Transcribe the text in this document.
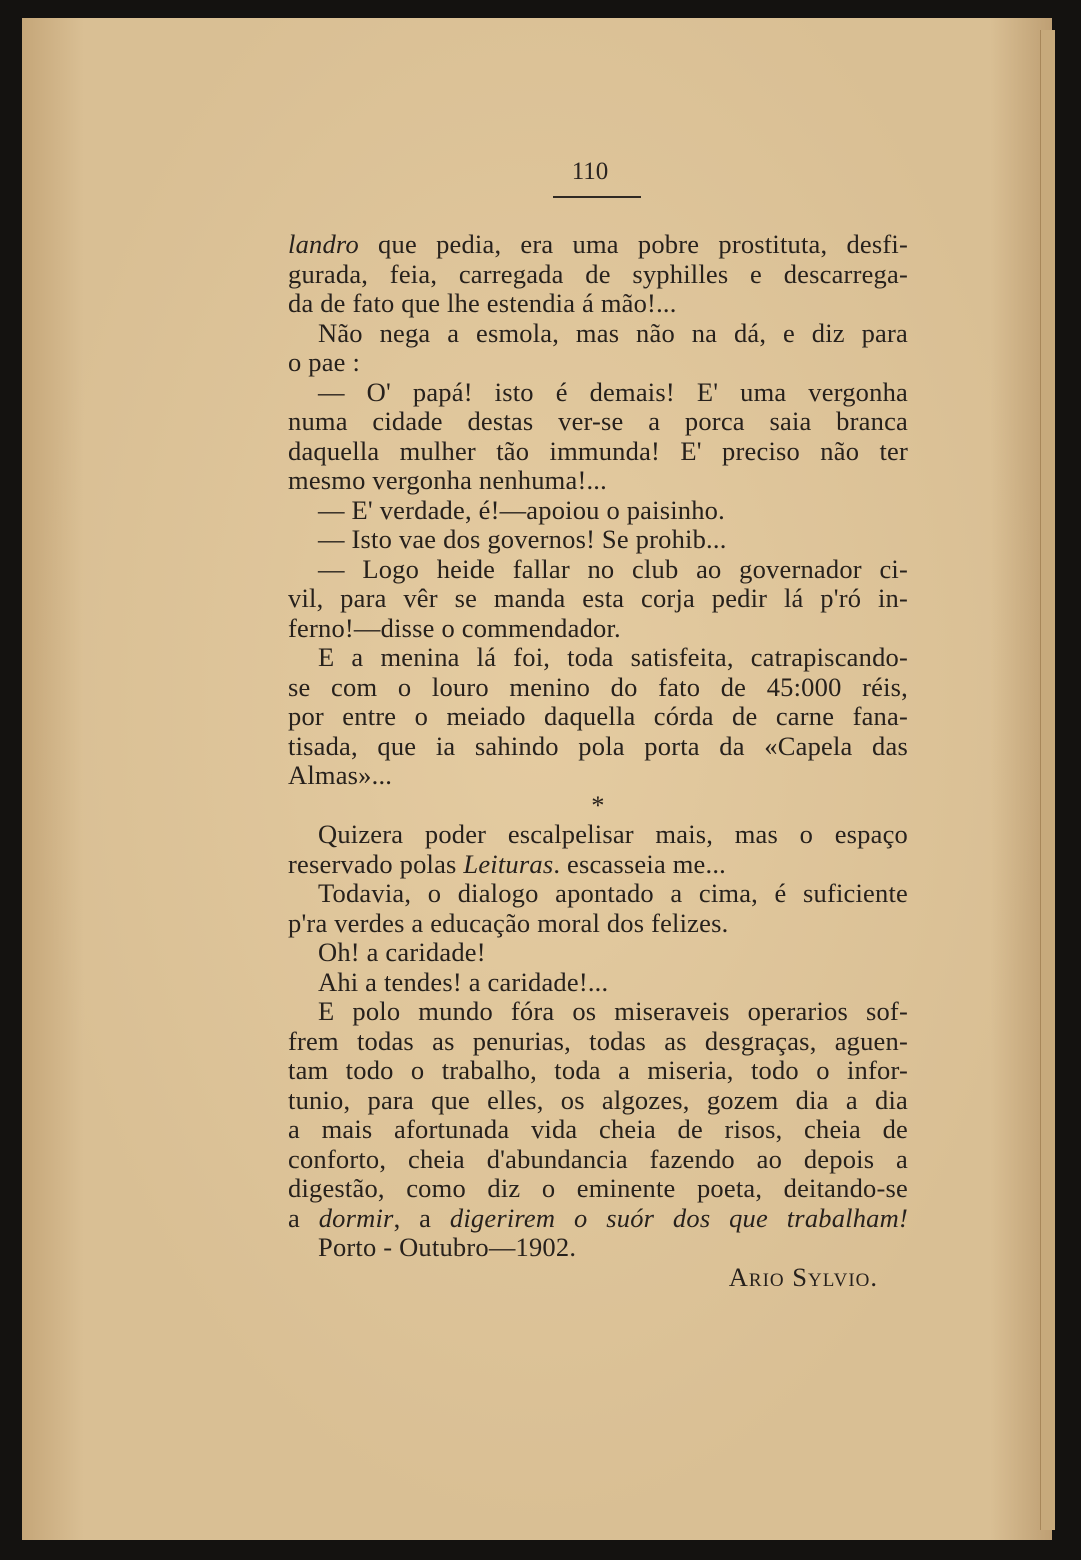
110
landro que pedia, era uma pobre prostituta, desfi-
gurada, feia, carregada de syphilles e descarrega-
da de fato que lhe estendia á mão!...
Não nega a esmola, mas não na dá, e diz para
o pae :
— O' papá! isto é demais! E' uma vergonha
numa cidade destas ver-se a porca saia branca
daquella mulher tão immunda! E' preciso não ter
mesmo vergonha nenhuma!...
— E' verdade, é!—apoiou o paisinho.
— Isto vae dos governos! Se prohib...
— Logo heide fallar no club ao governador ci-
vil, para vêr se manda esta corja pedir lá p'ró in-
ferno!—disse o commendador.
E a menina lá foi, toda satisfeita, catrapiscando-
se com o louro menino do fato de 45:000 réis,
por entre o meiado daquella córda de carne fana-
tisada, que ia sahindo pola porta da «Capela das
Almas»...
*
Quizera poder escalpelisar mais, mas o espaço
reservado polas Leituras. escasseia me...
Todavia, o dialogo apontado a cima, é suficiente
p'ra verdes a educação moral dos felizes.
Oh! a caridade!
Ahi a tendes! a caridade!...
E polo mundo fóra os miseraveis operarios sof-
frem todas as penurias, todas as desgraças, aguen-
tam todo o trabalho, toda a miseria, todo o infor-
tunio, para que elles, os algozes, gozem dia a dia
a mais afortunada vida cheia de risos, cheia de
conforto, cheia d'abundancia fazendo ao depois a
digestão, como diz o eminente poeta, deitando-se
a dormir, a digerirem o suór dos que trabalham!
Porto - Outubro—1902.
Ario Sylvio.
